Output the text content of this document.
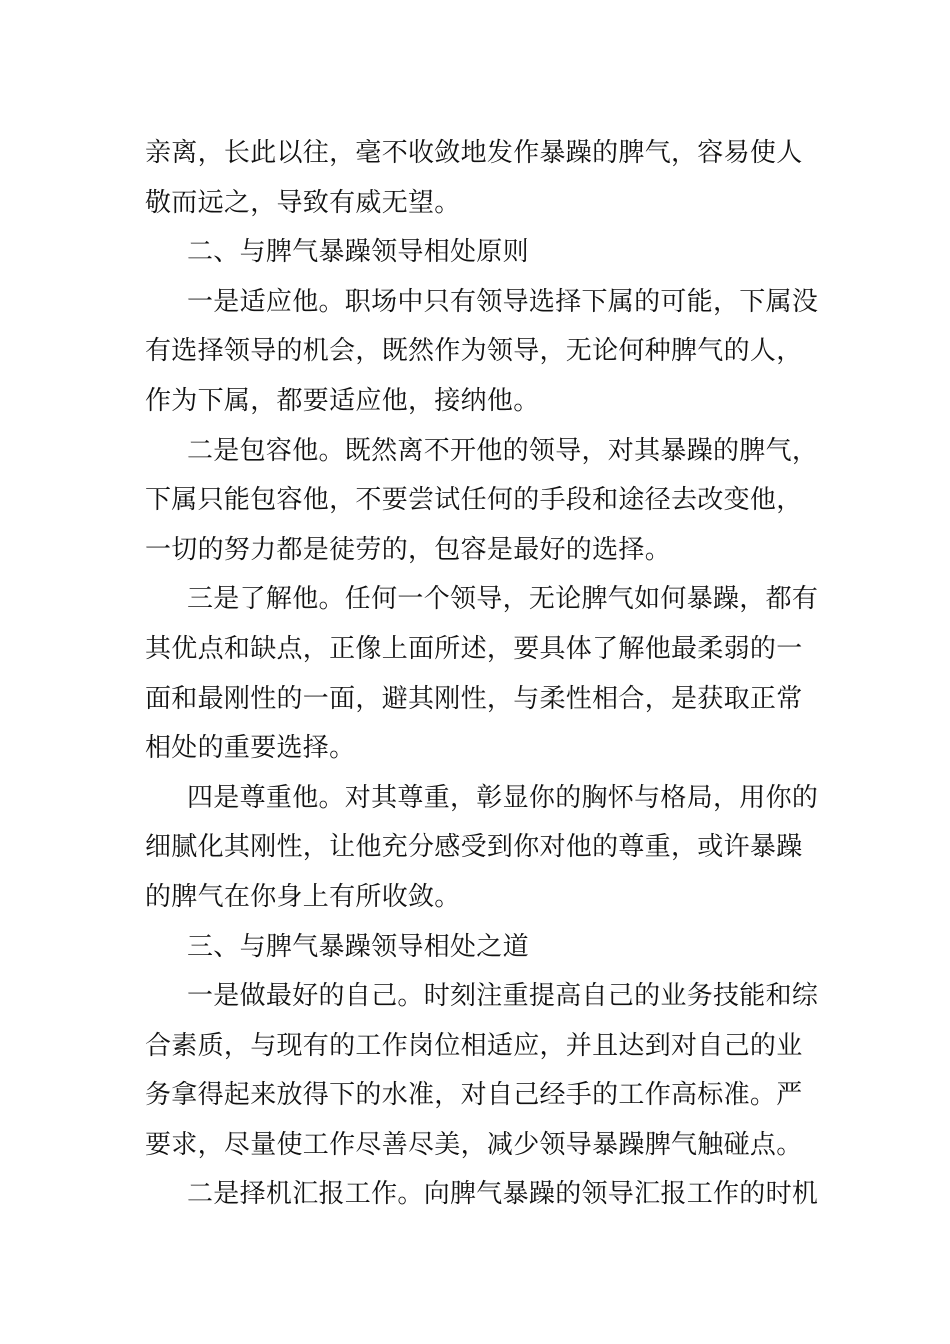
亲离，长此以往，毫不收敛地发作暴躁的脾气，容易使人
敬而远之，导致有威无望。
二、与脾气暴躁领导相处原则
一是适应他。职场中只有领导选择下属的可能，下属没
有选择领导的机会，既然作为领导，无论何种脾气的人，
作为下属，都要适应他，接纳他。
二是包容他。既然离不开他的领导，对其暴躁的脾气，
下属只能包容他，不要尝试任何的手段和途径去改变他，
一切的努力都是徒劳的，包容是最好的选择。
三是了解他。任何一个领导，无论脾气如何暴躁，都有
其优点和缺点，正像上面所述，要具体了解他最柔弱的一
面和最刚性的一面，避其刚性，与柔性相合，是获取正常
相处的重要选择。
四是尊重他。对其尊重，彰显你的胸怀与格局，用你的
细腻化其刚性，让他充分感受到你对他的尊重，或许暴躁
的脾气在你身上有所收敛。
三、与脾气暴躁领导相处之道
一是做最好的自己。时刻注重提高自己的业务技能和综
合素质，与现有的工作岗位相适应，并且达到对自己的业
务拿得起来放得下的水准，对自己经手的工作高标准。严
要求，尽量使工作尽善尽美，减少领导暴躁脾气触碰点。
二是择机汇报工作。向脾气暴躁的领导汇报工作的时机
